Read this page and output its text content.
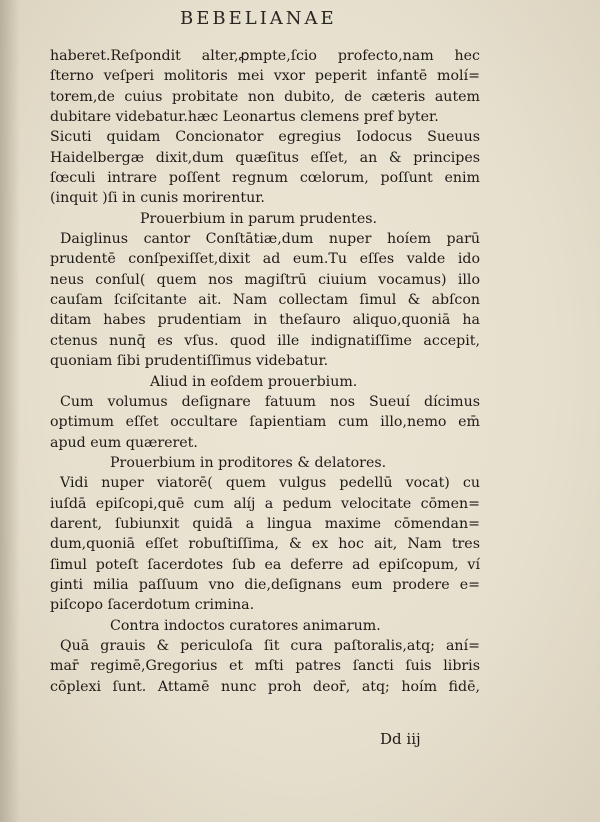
BEBELIANAE
haberet.Reſpondit alter,ꝓmpte,ſcio profecto,nam hec
ſterno veſperi molitoris mei vxor peperit infantē molí=
torem,de cuius probitate non dubito, de cæteris autem
dubitare videbatur.hæc Leonartus clemens pref byter.
Sicuti quidam Concionator egregius Iodocus Sueuus
Haidelbergæ dixit,dum quæſitus eſſet, an & principes
ſœculi intrare poſſent regnum cœlorum, poſſunt enim
(inquit )ſi in cunis morirentur.
Prouerbium in parum prudentes.
Daiglinus cantor Conſtātiæ,dum nuper hoíem parū
prudentē conſpexiſſet,dixit ad eum.Tu eſſes valde ido
neus conſul( quem nos magiſtrū ciuium vocamus) illo
cauſam ſciſcitante ait. Nam collectam ſimul & abſcon
ditam habes prudentiam in theſauro aliquo,quoniā ha
ctenus nunq̄ es vſus. quod ille indignatiſſime accepit,
quoniam ſibi prudentiſſimus videbatur.
Aliud in eoſdem prouerbium.
Cum volumus deſignare fatuum nos Sueuí dícimus
optimum eſſet occultare ſapientiam cum illo,nemo em̄
apud eum quæreret.
Prouerbium in proditores & delatores.
Vidi nuper viatorē( quem vulgus pedellū vocat) cu
iuſdā epiſcopi,quē cum alíj a pedum velocitate cōmen=
darent, ſubiunxit quidā a lingua maxime cōmendan=
dum,quoniā eſſet robuſtiſſima, & ex hoc ait, Nam tres
ſimul poteſt ſacerdotes ſub ea deferre ad epiſcopum, ví
ginti milia paſſuum vno die,deſignans eum prodere e=
piſcopo ſacerdotum crimina.
Contra indoctos curatores animarum.
Quā grauis & periculoſa ſit cura paſtoralis,atq; aní=
mar̄ regimē,Gregorius et mſti patres ſancti ſuis libris
cōplexi ſunt. Attamē nunc proh deor̄, atq; hoím fidē,
Dd iij
